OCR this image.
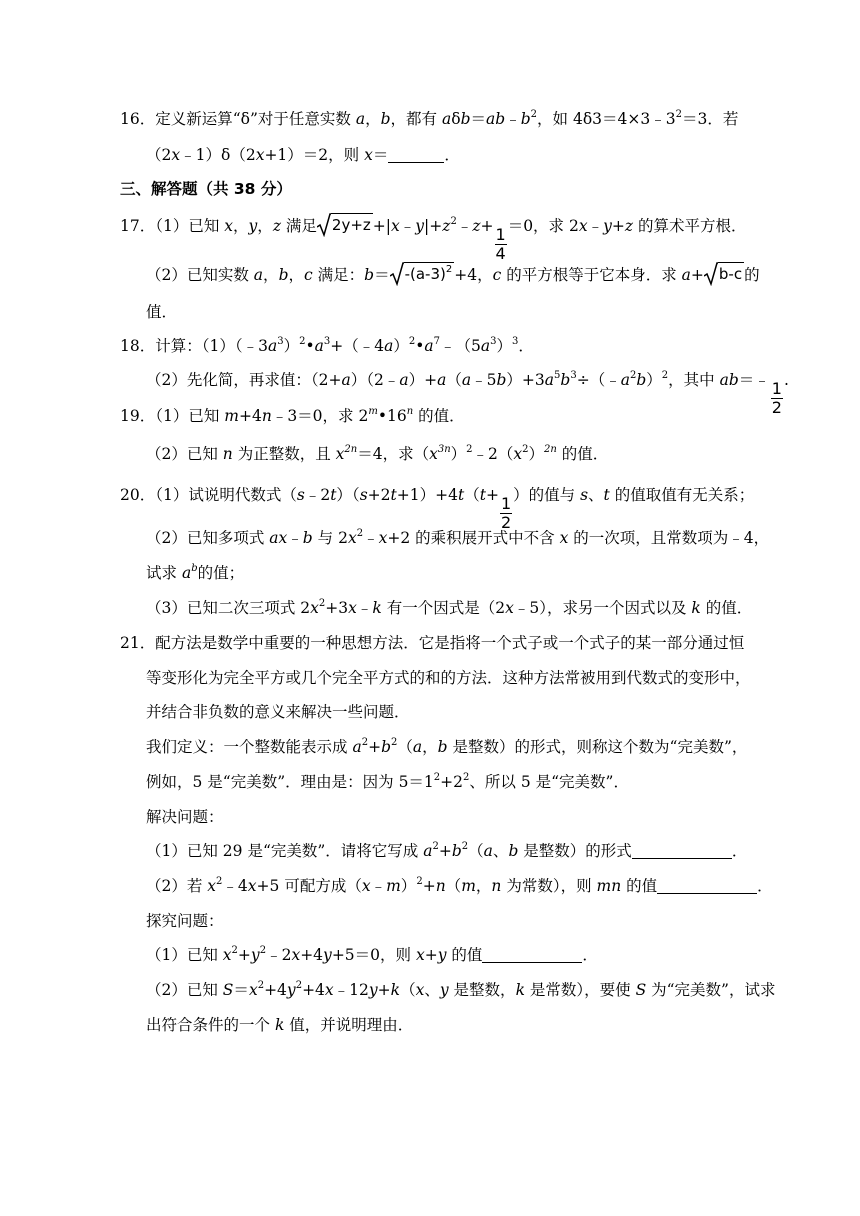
16．定义新运算“δ”对于任意实数 a，b，都有 $a\delta b=ab﹣b^2$，如 $4\delta 3=4\times 3﹣3^2=3$．若
（2x﹣1）δ（2x+1）＝2，则 x＝	．
三、解答题（共 38 分）
17．（1）已知 x，y，z 满足 $2y+z +|x﹣y|+z^2﹣z+$
$\frac{1}{4}$
＝0，求 2x﹣y+z 的算术平方根．
（2）已知实数 a，b，c 满足：$b= -(a-3)^2 +4$，c 的平方根等于它本身．求 a+ b-c 的
值．
18．计算：$(1)(﹣3a^3)^2•a^3+(﹣4a)^2•a^7﹣(5a^3)^3$．
（2）先化简，再求值：$(2+a)(2﹣a)+a(a﹣5b)+3a^5b^3\div(﹣a^2b)^2$，其中 ab＝﹣
$\frac{1}{2}$
.
19．（1）已知 m+4n﹣3＝0，求 2$^m$•16$^n$ 的值．
（2）已知 n 为正整数，且 $x^{2n}=4$，求$(x^{3n})^2﹣2(x^2)^{2n}$ 的值．
20．（1）试说明代数式（s﹣2t）（s+2t+1）+4t（t+
$\frac{1}{2}$
）的值与 s、t 的值取值有无关系；
（2）已知多项式 ax﹣b 与 $2x^2﹣x+2$ 的乘积展开式中不含 x 的一次项，且常数项为﹣4，
试求 $a^b$的值；
（3）已知二次三项式 $2x^2+3x﹣k$ 有一个因式是（2x﹣5），求另一个因式以及 k 的值．
21．配方法是数学中重要的一种思想方法．它是指将一个式子或一个式子的某一部分通过恒
等变形化为完全平方或几个完全平方式的和的方法．这种方法常被用到代数式的变形中，
并结合非负数的意义来解决一些问题．
我们定义：一个整数能表示成 $a^2+b^2(a$，b 是整数）的形式，则称这个数为“完美数”，
例如，5 是“完美数”．理由是：因为 $5=1^2+2^2$、所以 5 是“完美数”．
解决问题：
（1）已知 29 是“完美数”．请将它写成 $a^2+b^2(a$、b 是整数）的形式	．
（2）若 $x^2﹣4x+5$ 可配方成（x﹣m）$^2$+n（m，n 为常数），则 mn 的值	．
探究问题：
（1）已知 $x^2+y^2﹣2x+4y+5=0$，则 x+y 的值	．
（2）已知 $S=x^2+4y^2+4x﹣12y+k(x$、y 是整数，k 是常数），要使 S 为“完美数”，试求
出符合条件的一个 k 值，并说明理由．
